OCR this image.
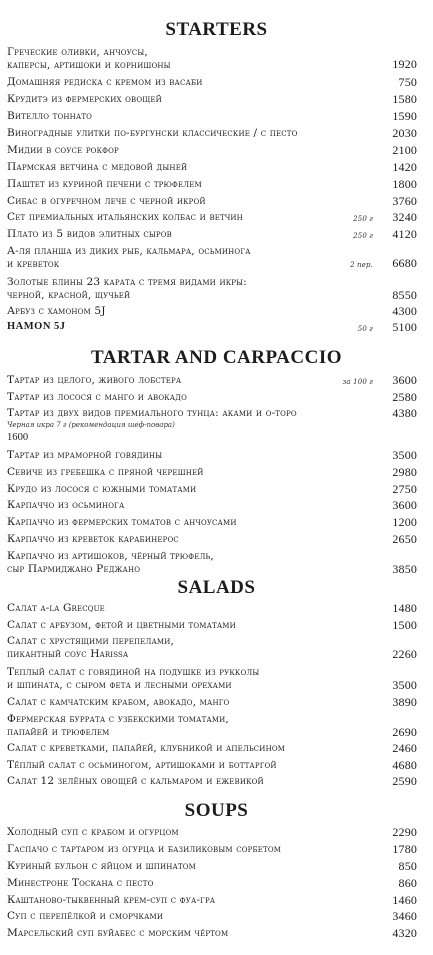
STARTERS
Греческие оливки, анчоусы,
каперсы, артишоки и корнишоны	1920
Домашняя редиска с кремом из васаби	750
Крудитэ из фермерских овощей	1580
Вителло тоннато	1590
Виноградные улитки по-бургунски классические / с песто	2030
Мидии в соусе рокфор	2100
Пармская ветчина с медовой дыней	1420
Паштет из куриной печени с трюфелем	1800
Сибас в огуречном лече с черной икрой	3760
Сет премиальных итальянских колбас и ветчин	250 г	3240
Плато из 5 видов элитных сыров	250 г	4120
А-ля планша из диких рыб, кальмара, осьминога
и креветок	2 пер.	6680
Золотые блины 23 карата с тремя видами икры:
черной, красной, щучьей	8550
Арбуз с хамоном 5J	4300
HAMON 5J	50 г	5100
TARTAR AND CARPACCIO
Тартар из целого, живого лобстера	за 100 г	3600
Тартар из лосося с манго и авокадо	2580
Тартар из двух видов премиального тунца: аками и о-торо	4380
Черная икра 7 г (рекомендация шеф-повара)
1600
Тартар из мраморной говядины	3500
Севиче из гребешка с пряной черешней	2980
Крудо из лосося с южными томатами	2750
Карпаччо из осьминога	3600
Карпаччо из фермерских томатов с анчоусами	1200
Карпаччо из креветок карабинерос	2650
Карпаччо из артишоков, чёрный трюфель,
сыр Пармиджано Реджано	3850
SALADS
Салат a-la Grecque	1480
Салат с арбузом, фетой и цветными томатами	1500
Салат с хрустящими перепелами,
пикантный соус Harissa	2260
Теплый салат с говядиной на подушке из рукколы
и шпината, с сыром фета и лесными орехами	3500
Салат с камчатским крабом, авокадо, манго	3890
Фермерская буррата с узбекскими томатами,
папайей и трюфелем	2690
Салат с креветками, папайей, клубникой и апельсином	2460
Тёплый салат с осьминогом, артишоками и боттаргой	4680
Салат 12 зелёных овощей с кальмаром и ежевикой	2590
SOUPS
Холодный суп с крабом и огурцом	2290
Гаспачо с тартаром из огурца и базиликовым сорбетом	1780
Куриный бульон с яйцом и шпинатом	850
Минестроне Тоскана с песто	860
Каштаново-тыквенный крем-суп с фуа-гра	1460
Суп с перепёлкой и сморчками	3460
Марсельский суп буйабес с морским чёртом	4320
